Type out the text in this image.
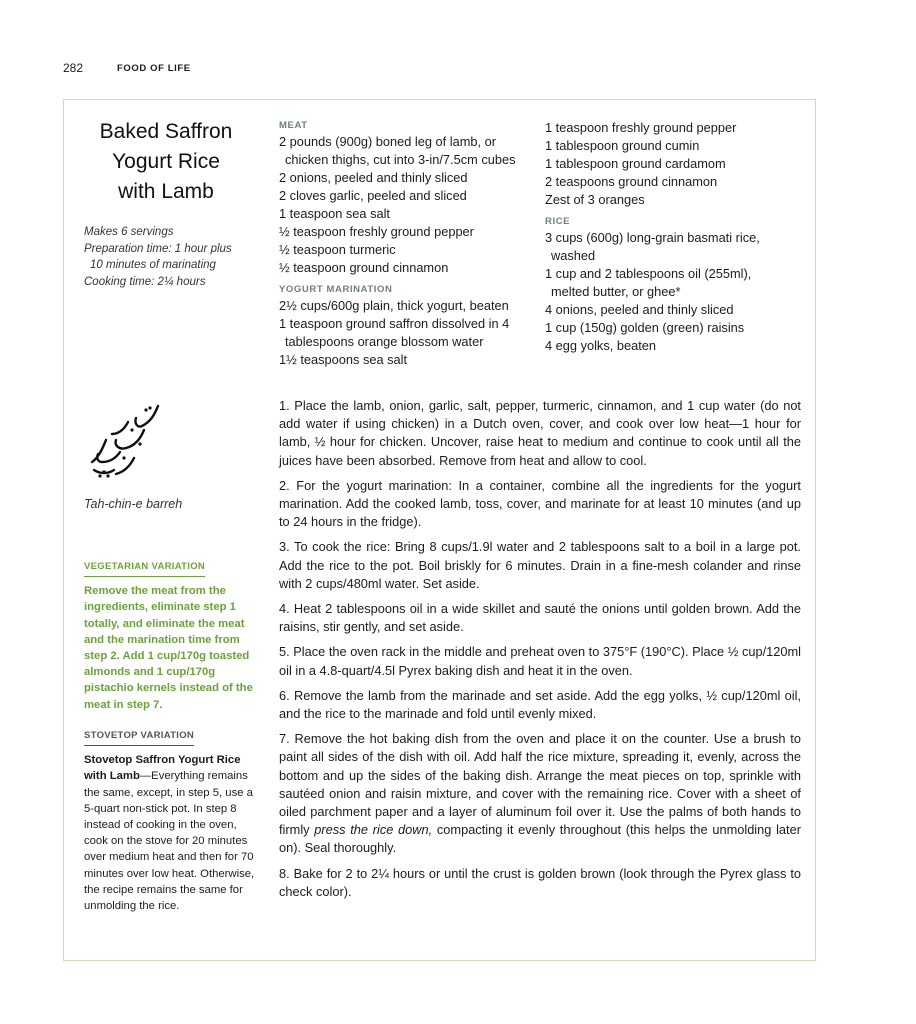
282	FOOD OF LIFE
Baked Saffron
Yogurt Rice
with Lamb
Makes 6 servings
Preparation time: 1 hour plus
10 minutes of marinating
Cooking time: 2¼ hours
Tah-chin-e barreh
VEGETARIAN VARIATION
Remove the meat from the ingredients, eliminate step 1 totally, and eliminate the meat and the marination time from step 2. Add 1 cup/170g toasted almonds and 1 cup/170g pistachio kernels instead of the meat in step 7.
STOVETOP VARIATION
Stovetop Saffron Yogurt Rice with Lamb—Everything remains the same, except, in step 5, use a 5-quart non-stick pot. In step 8 instead of cooking in the oven, cook on the stove for 20 minutes over medium heat and then for 70 minutes over low heat. Otherwise, the recipe remains the same for unmolding the rice.
MEAT
2 pounds (900g) boned leg of lamb, or
chicken thighs, cut into 3-in/7.5cm cubes
2 onions, peeled and thinly sliced
2 cloves garlic, peeled and sliced
1 teaspoon sea salt
½ teaspoon freshly ground pepper
½ teaspoon turmeric
½ teaspoon ground cinnamon
YOGURT MARINATION
2½ cups/600g plain, thick yogurt, beaten
1 teaspoon ground saffron dissolved in 4
tablespoons orange blossom water
1½ teaspoons sea salt
1 teaspoon freshly ground pepper
1 tablespoon ground cumin
1 tablespoon ground cardamom
2 teaspoons ground cinnamon
Zest of 3 oranges
RICE
3 cups (600g) long-grain basmati rice,
washed
1 cup and 2 tablespoons oil (255ml),
melted butter, or ghee*
4 onions, peeled and thinly sliced
1 cup (150g) golden (green) raisins
4 egg yolks, beaten

1. Place the lamb, onion, garlic, salt, pepper, turmeric, cinnamon, and 1 cup water (do not add water if using chicken) in a Dutch oven, cover, and cook over low heat—1 hour for lamb, ½ hour for chicken. Uncover, raise heat to medium and continue to cook until all the juices have been absorbed. Remove from heat and allow to cool.

2. For the yogurt marination: In a container, combine all the ingredients for the yogurt marination. Add the cooked lamb, toss, cover, and marinate for at least 10 minutes (and up to 24 hours in the fridge).

3. To cook the rice: Bring 8 cups/1.9l water and 2 tablespoons salt to a boil in a large pot. Add the rice to the pot. Boil briskly for 6 minutes. Drain in a fine-mesh colander and rinse with 2 cups/480ml water. Set aside.

4. Heat 2 tablespoons oil in a wide skillet and sauté the onions until golden brown. Add the raisins, stir gently, and set aside.

5. Place the oven rack in the middle and preheat oven to 375°F (190°C). Place ½ cup/120ml oil in a 4.8-quart/4.5l Pyrex baking dish and heat it in the oven.

6. Remove the lamb from the marinade and set aside. Add the egg yolks, ½ cup/120ml oil, and the rice to the marinade and fold until evenly mixed.

7. Remove the hot baking dish from the oven and place it on the counter. Use a brush to paint all sides of the dish with oil. Add half the rice mixture, spreading it, evenly, across the bottom and up the sides of the baking dish. Arrange the meat pieces on top, sprinkle with sautéed onion and raisin mixture, and cover with the remaining rice. Cover with a sheet of oiled parchment paper and a layer of aluminum foil over it. Use the palms of both hands to firmly press the rice down, compacting it evenly throughout (this helps the unmolding later on). Seal thoroughly.

8. Bake for 2 to 2¼ hours or until the crust is golden brown (look through the Pyrex glass to check color).
